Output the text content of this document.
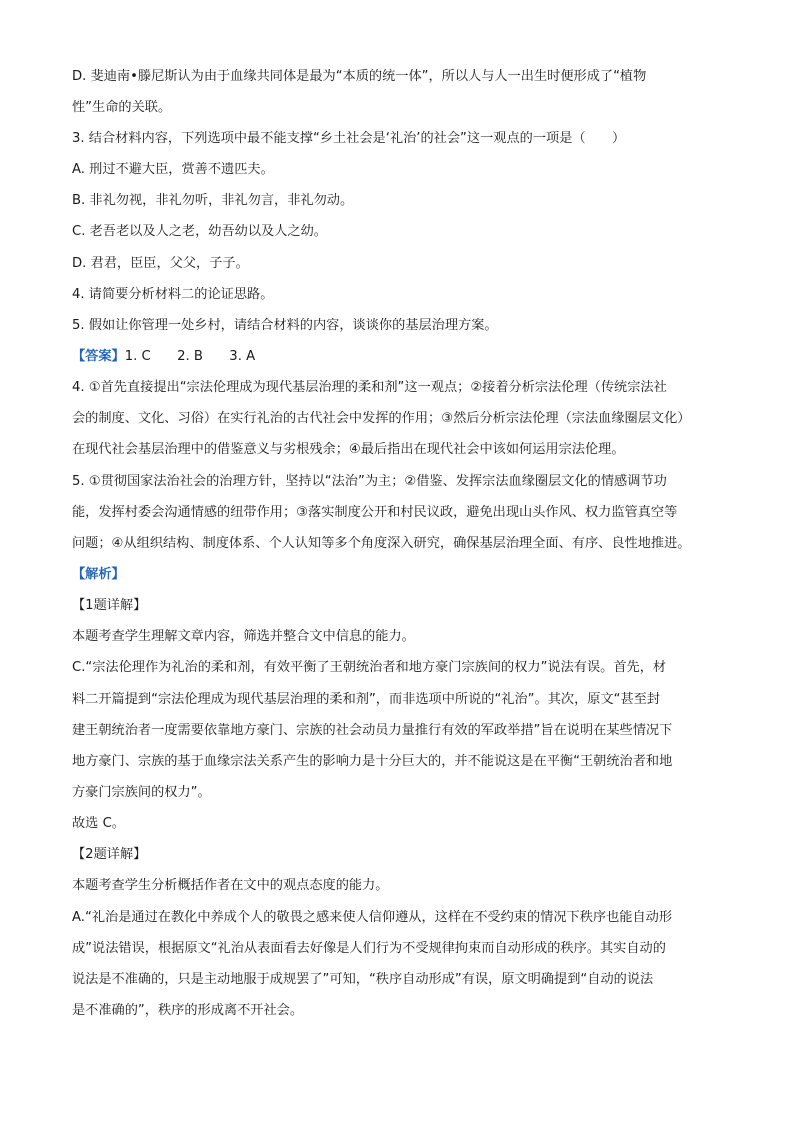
D. 斐迪南•滕尼斯认为由于血缘共同体是最为“本质的统一体”，所以人与人一出生时便形成了“植物
性”生命的关联。
3. 结合材料内容，下列选项中最不能支撑“乡土社会是‘礼治’的社会”这一观点的一项是（　　）
A. 刑过不避大臣，赏善不遗匹夫。
B. 非礼勿视，非礼勿听，非礼勿言，非礼勿动。
C. 老吾老以及人之老，幼吾幼以及人之幼。
D. 君君，臣臣，父父，子子。
4. 请简要分析材料二的论证思路。
5. 假如让你管理一处乡村，请结合材料的内容，谈谈你的基层治理方案。
【答案】1. C　　2. B　　3. A
4. ①首先直接提出“宗法伦理成为现代基层治理的柔和剂”这一观点；②接着分析宗法伦理（传统宗法社
会的制度、文化、习俗）在实行礼治的古代社会中发挥的作用；③然后分析宗法伦理（宗法血缘圈层文化）
在现代社会基层治理中的借鉴意义与劣根残余；④最后指出在现代社会中该如何运用宗法伦理。
5. ①贯彻国家法治社会的治理方针，坚持以“法治”为主；②借鉴、发挥宗法血缘圈层文化的情感调节功
能，发挥村委会沟通情感的纽带作用；③落实制度公开和村民议政，避免出现山头作风、权力监管真空等
问题；④从组织结构、制度体系、个人认知等多个角度深入研究，确保基层治理全面、有序、良性地推进。
【解析】
【1题详解】
本题考查学生理解文章内容，筛选并整合文中信息的能力。
C.“宗法伦理作为礼治的柔和剂，有效平衡了王朝统治者和地方豪门宗族间的权力”说法有误。首先，材
料二开篇提到“宗法伦理成为现代基层治理的柔和剂”，而非选项中所说的“礼治”。其次，原文“甚至封
建王朝统治者一度需要依靠地方豪门、宗族的社会动员力量推行有效的军政举措”旨在说明在某些情况下
地方豪门、宗族的基于血缘宗法关系产生的影响力是十分巨大的，并不能说这是在平衡“王朝统治者和地
方豪门宗族间的权力”。
故选 C。
【2题详解】
本题考查学生分析概括作者在文中的观点态度的能力。
A.“礼治是通过在教化中养成个人的敬畏之感来使人信仰遵从，这样在不受约束的情况下秩序也能自动形
成”说法错误，根据原文“礼治从表面看去好像是人们行为不受规律拘束而自动形成的秩序。其实自动的
说法是不准确的，只是主动地服于成规罢了”可知，“秩序自动形成”有误，原文明确提到“自动的说法
是不准确的”，秩序的形成离不开社会。
